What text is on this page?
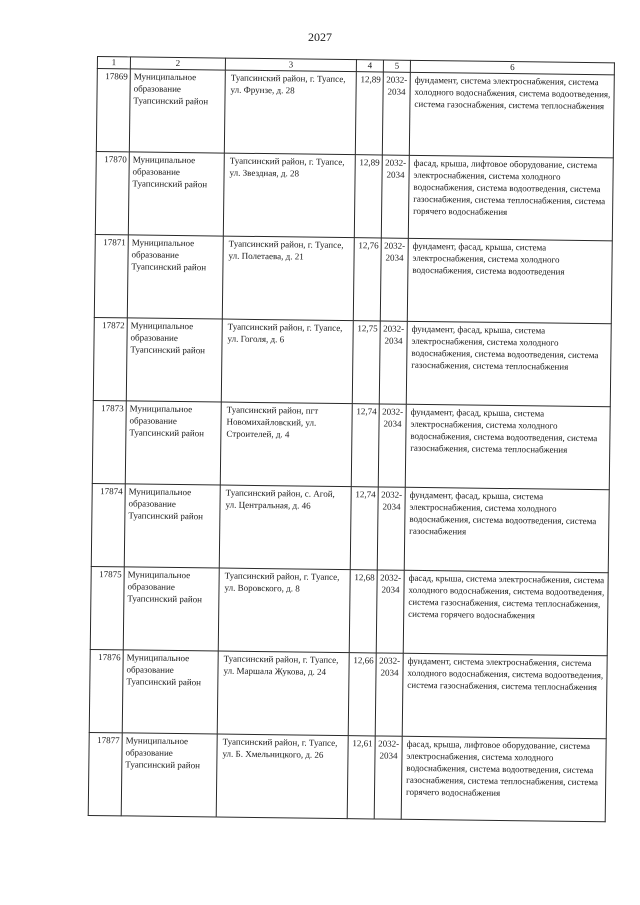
2027
1	2	3	4	5	6
17869	Муниципальное образование Туапсинский район	Туапсинский район, г. Туапсе, ул. Фрунзе, д. 28	12,89	2032-2034	фундамент, система электроснабжения, система холодного водоснабжения, система водоотведения, система газоснабжения, система теплоснабжения
17870	Муниципальное образование Туапсинский район	Туапсинский район, г. Туапсе, ул. Звездная, д. 28	12,89	2032-2034	фасад, крыша, лифтовое оборудование, система электроснабжения, система холодного водоснабжения, система водоотведения, система газоснабжения, система теплоснабжения, система горячего водоснабжения
17871	Муниципальное образование Туапсинский район	Туапсинский район, г. Туапсе, ул. Полетаева, д. 21	12,76	2032-2034	фундамент, фасад, крыша, система электроснабжения, система холодного водоснабжения, система водоотведения
17872	Муниципальное образование Туапсинский район	Туапсинский район, г. Туапсе, ул. Гоголя, д. 6	12,75	2032-2034	фундамент, фасад, крыша, система электроснабжения, система холодного водоснабжения, система водоотведения, система газоснабжения, система теплоснабжения
17873	Муниципальное образование Туапсинский район	Туапсинский район, пгт Новомихайловский, ул. Строителей, д. 4	12,74	2032-2034	фундамент, фасад, крыша, система электроснабжения, система холодного водоснабжения, система водоотведения, система газоснабжения, система теплоснабжения
17874	Муниципальное образование Туапсинский район	Туапсинский район, с. Агой, ул. Центральная, д. 46	12,74	2032-2034	фундамент, фасад, крыша, система электроснабжения, система холодного водоснабжения, система водоотведения, система газоснабжения
17875	Муниципальное образование Туапсинский район	Туапсинский район, г. Туапсе, ул. Воровского, д. 8	12,68	2032-2034	фасад, крыша, система электроснабжения, система холодного водоснабжения, система водоотведения, система газоснабжения, система теплоснабжения, система горячего водоснабжения
17876	Муниципальное образование Туапсинский район	Туапсинский район, г. Туапсе, ул. Маршала Жукова, д. 24	12,66	2032-2034	фундамент, система электроснабжения, система холодного водоснабжения, система водоотведения, система газоснабжения, система теплоснабжения
17877	Муниципальное образование Туапсинский район	Туапсинский район, г. Туапсе, ул. Б. Хмельницкого, д. 26	12,61	2032-2034	фасад, крыша, лифтовое оборудование, система электроснабжения, система холодного водоснабжения, система водоотведения, система газоснабжения, система теплоснабжения, система горячего водоснабжения
